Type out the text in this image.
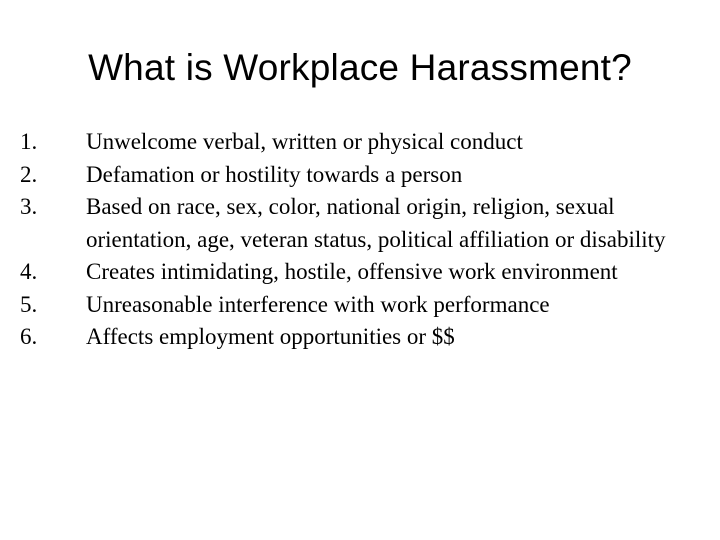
What is Workplace Harassment?
1.	Unwelcome verbal, written or physical conduct
2.	Defamation or hostility towards a person
3.	Based on race, sex, color, national origin, religion, sexual orientation, age, veteran status, political affiliation or disability
4.	Creates intimidating, hostile, offensive work environment
5.	Unreasonable interference with work performance
6.	Affects employment opportunities or $$
